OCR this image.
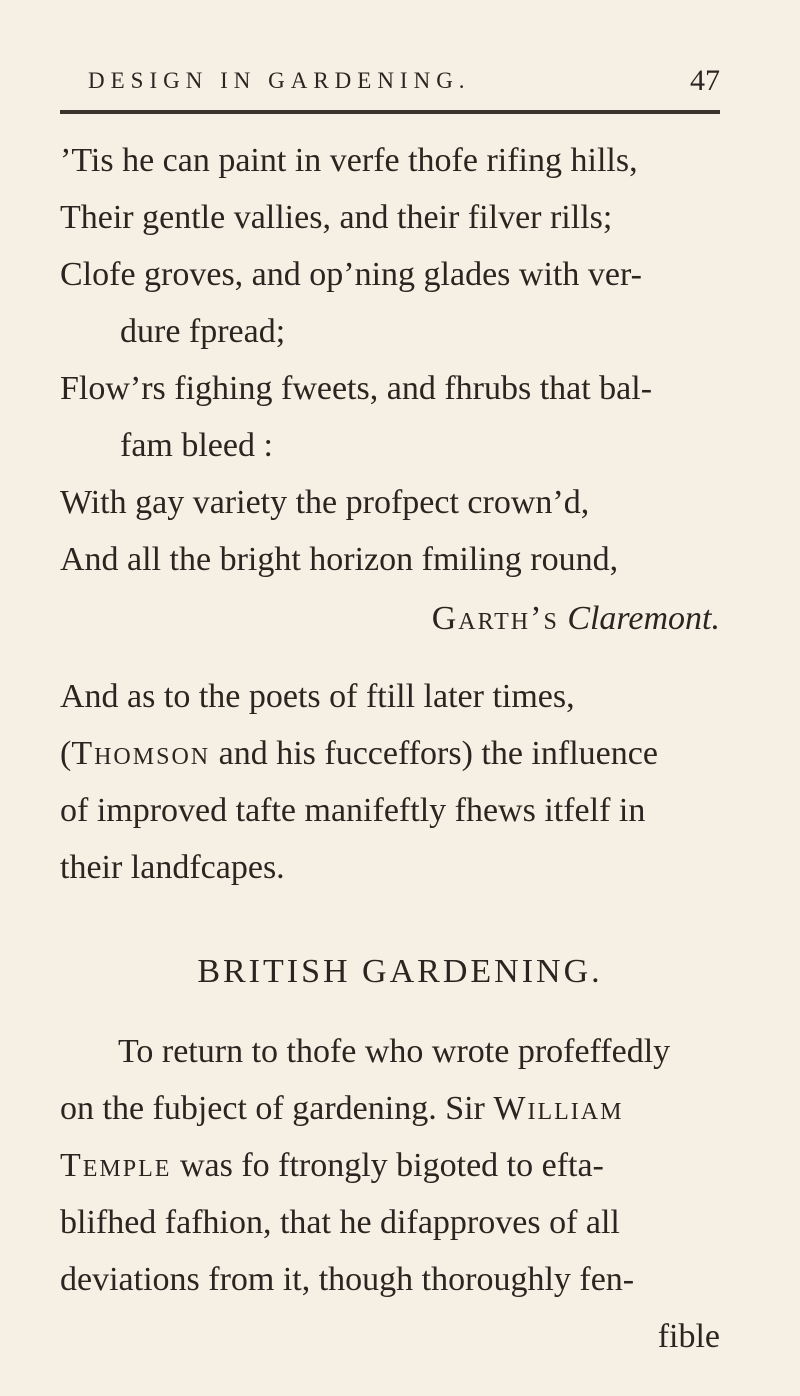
DESIGN IN GARDENING.	47
’Tis he can paint in verfe thofe rifing hills,
Their gentle vallies, and their filver rills;
Clofe groves, and op’ning glades with ver-
dure fpread;
Flow’rs fighing fweets, and fhrubs that bal-
fam bleed :
With gay variety the profpect crown’d,
And all the bright horizon fmiling round,
Garth’s Claremont.
And as to the poets of ftill later times,
(Thomson and his fucceffors) the influence
of improved tafte manifeftly fhews itfelf in
their landfcapes.
BRITISH GARDENING.
To return to thofe who wrote profeffedly
on the fubject of gardening. Sir William
Temple was fo ftrongly bigoted to efta-
blifhed fafhion, that he difapproves of all
deviations from it, though thoroughly fen-
fible
